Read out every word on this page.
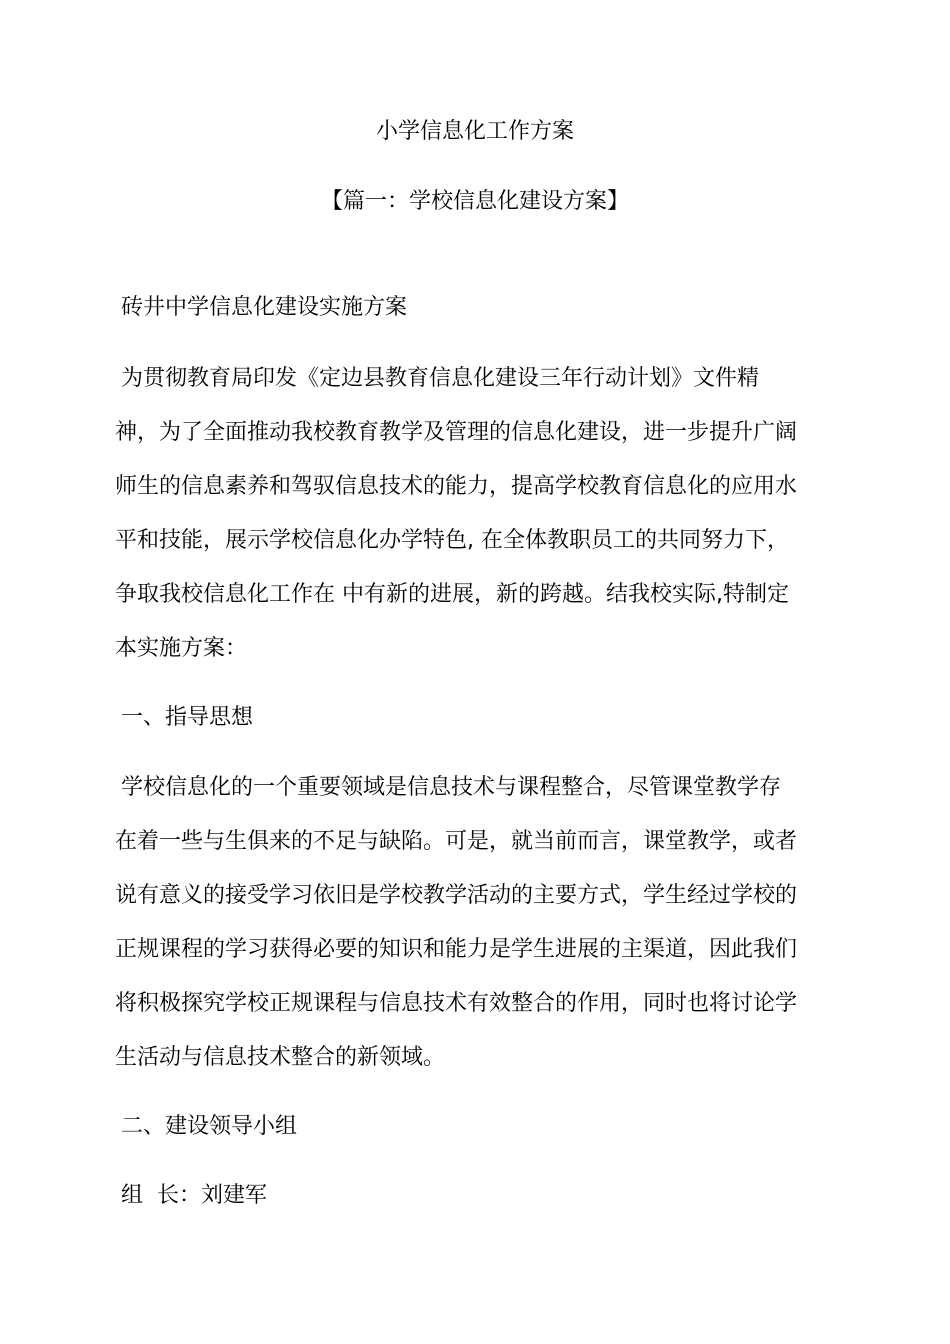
小学信息化工作方案
【篇一：学校信息化建设方案】
砖井中学信息化建设实施方案
为贯彻教育局印发《定边县教育信息化建设三年行动计划》文件精
神，为了全面推动我校教育教学及管理的信息化建设，进一步提升广阔
师生的信息素养和驾驭信息技术的能力，提高学校教育信息化的应用水
平和技能，展示学校信息化办学特色, 在全体教职员工的共同努力下，
争取我校信息化工作在 中有新的进展，新的跨越。结我校实际,特制定
本实施方案：
一、指导思想
学校信息化的一个重要领域是信息技术与课程整合，尽管课堂教学存
在着一些与生俱来的不足与缺陷。可是，就当前而言，课堂教学，或者
说有意义的接受学习依旧是学校教学活动的主要方式，学生经过学校的
正规课程的学习获得必要的知识和能力是学生进展的主渠道，因此我们
将积极探究学校正规课程与信息技术有效整合的作用，同时也将讨论学
生活动与信息技术整合的新领域。
二、建设领导小组
组  长：刘建军
